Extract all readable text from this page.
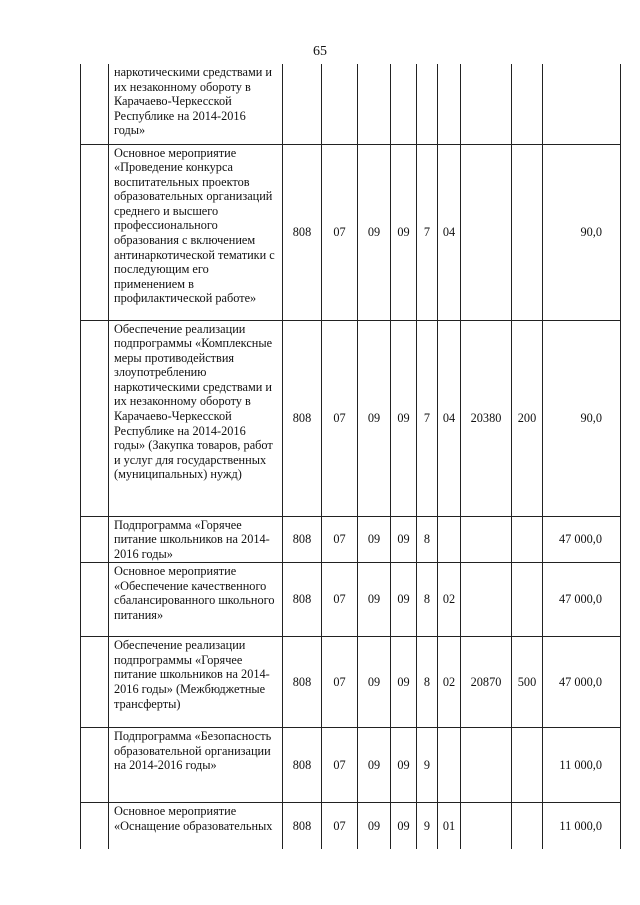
65
	наркотическими средствами и их незаконному обороту в Карачаево-Черкесской Республике на 2014-2016 годы»									
	Основное мероприятие «Проведение конкурса воспитательных проектов образовательных организаций среднего и высшего профессионального образования с включением антинаркотической тематики с последующим его применением в профилактической работе»	808	07	09	09	7	04			90,0
	Обеспечение реализации подпрограммы «Комплексные меры противодействия злоупотреблению наркотическими средствами и их незаконному обороту в Карачаево-Черкесской Республике на 2014-2016 годы» (Закупка товаров, работ и услуг для государственных (муниципальных) нужд)	808	07	09	09	7	04	20380	200	90,0
	Подпрограмма «Горячее питание школьников на 2014-2016 годы»	808	07	09	09	8				47 000,0
	Основное мероприятие «Обеспечение качественного сбалансированного школьного питания»	808	07	09	09	8	02			47 000,0
	Обеспечение реализации подпрограммы «Горячее питание школьников на 2014-2016 годы» (Межбюджетные трансферты)	808	07	09	09	8	02	20870	500	47 000,0
	Подпрограмма «Безопасность образовательной организации на 2014-2016 годы»	808	07	09	09	9				11 000,0
	Основное мероприятие «Оснащение образовательных	808	07	09	09	9	01			11 000,0
